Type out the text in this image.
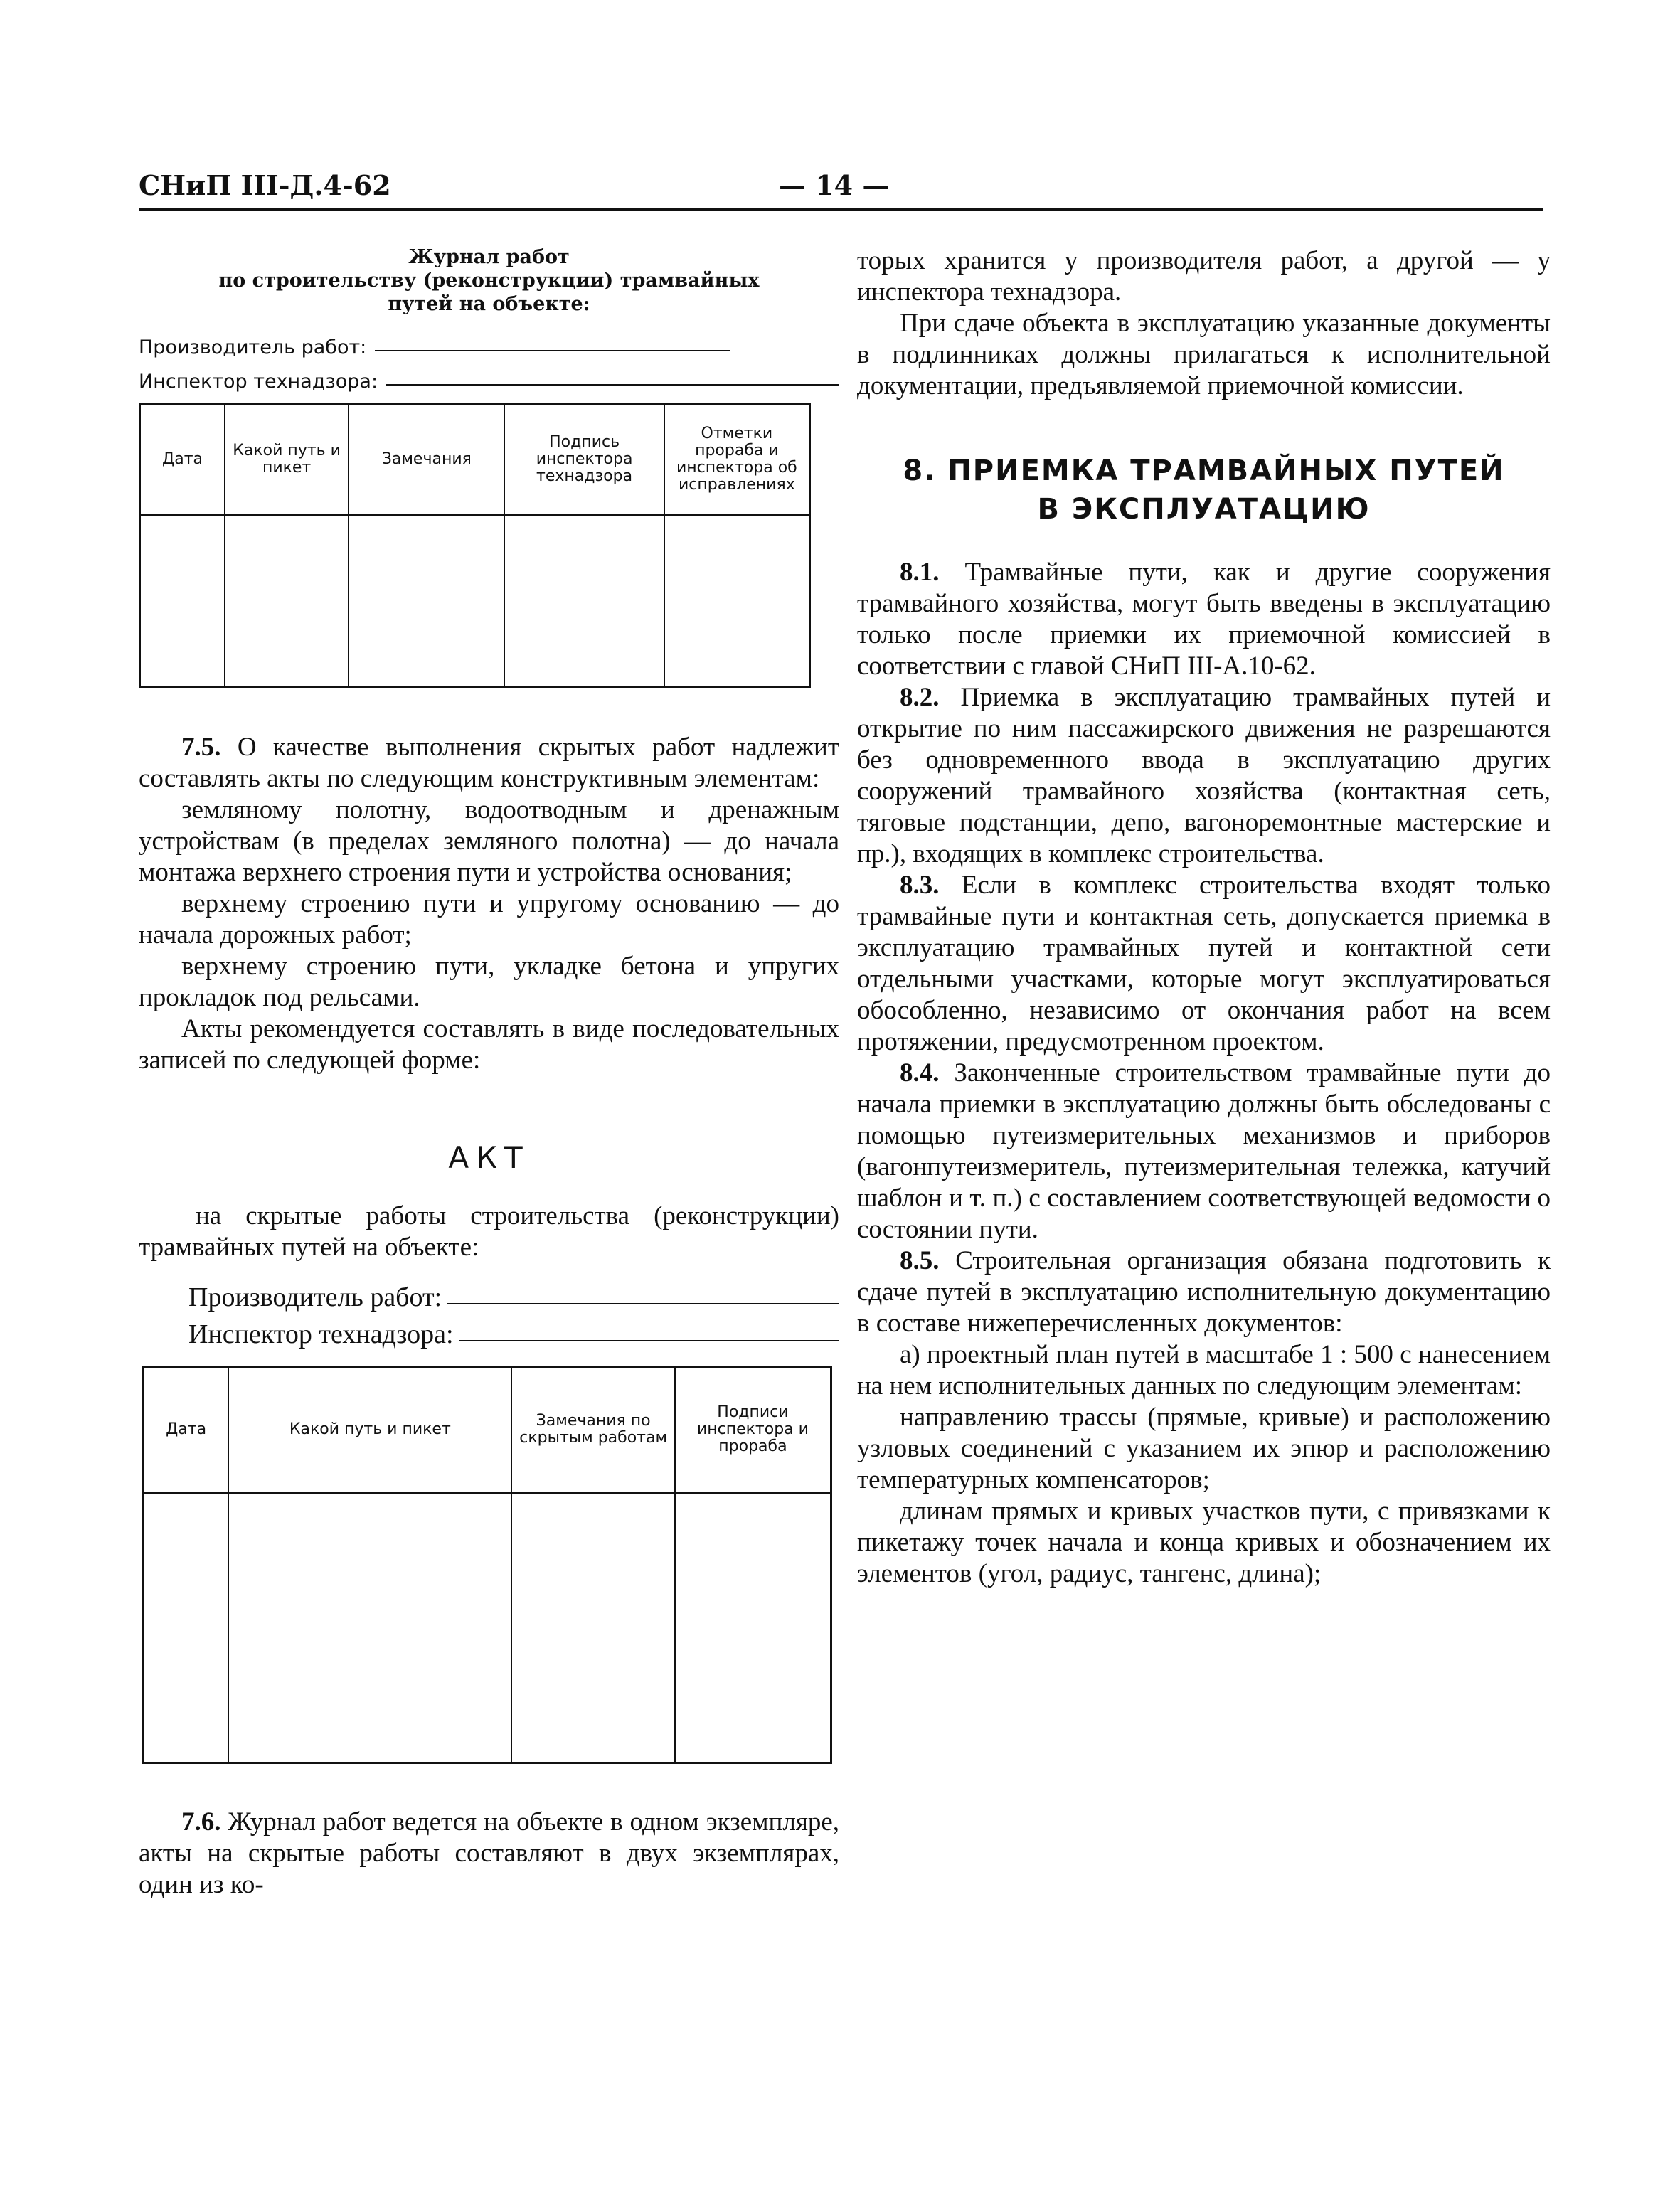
СНиП III-Д.4-62	— 14 —
Журнал работ
по строительству (реконструкции) трамвайных
путей на объекте:
Производитель работ:
Инспектор технадзора:
Дата	Какой путь и пикет	Замечания	Подпись инспектора технадзора	Отметки прораба и инспектора об исправлениях

7.5. О качестве выполнения скрытых работ надлежит составлять акты по следующим конструктивным элементам:

земляному полотну, водоотводным и дренажным устройствам (в пределах земляного полотна) — до начала монтажа верхнего строения пути и устройства основания;

верхнему строению пути и упругому основанию — до начала дорожных работ;

верхнему строению пути, укладке бетона и упругих прокладок под рельсами.

Акты рекомендуется составлять в виде последовательных записей по следующей форме:

АКТ

на скрытые работы строительства (реконструкции) трамвайных путей на объекте:

Производитель работ:
Инспектор технадзора:
Дата	Какой путь и пикет	Замечания по скрытым работам	Подписи инспектора и прораба

7.6. Журнал работ ведется на объекте в одном экземпляре, акты на скрытые работы составляют в двух экземплярах, один из ко-

торых хранится у производителя работ, а другой — у инспектора технадзора.

При сдаче объекта в эксплуатацию указанные документы в подлинниках должны прилагаться к исполнительной документации, предъявляемой приемочной комиссии.

8. ПРИЕМКА ТРАМВАЙНЫХ ПУТЕЙ
В ЭКСПЛУАТАЦИЮ

8.1. Трамвайные пути, как и другие сооружения трамвайного хозяйства, могут быть введены в эксплуатацию только после приемки их приемочной комиссией в соответствии с главой СНиП III-А.10-62.

8.2. Приемка в эксплуатацию трамвайных путей и открытие по ним пассажирского движения не разрешаются без одновременного ввода в эксплуатацию других сооружений трамвайного хозяйства (контактная сеть, тяговые подстанции, депо, вагоноремонтные мастерские и пр.), входящих в комплекс строительства.

8.3. Если в комплекс строительства входят только трамвайные пути и контактная сеть, допускается приемка в эксплуатацию трамвайных путей и контактной сети отдельными участками, которые могут эксплуатироваться обособленно, независимо от окончания работ на всем протяжении, предусмотренном проектом.

8.4. Законченные строительством трамвайные пути до начала приемки в эксплуатацию должны быть обследованы с помощью путеизмерительных механизмов и приборов (вагонпутеизмеритель, путеизмерительная тележка, катучий шаблон и т. п.) с составлением соответствующей ведомости о состоянии пути.

8.5. Строительная организация обязана подготовить к сдаче путей в эксплуатацию исполнительную документацию в составе нижеперечисленных документов:

а) проектный план путей в масштабе 1 : 500 с нанесением на нем исполнительных данных по следующим элементам:

направлению трассы (прямые, кривые) и расположению узловых соединений с указанием их эпюр и расположению температурных компенсаторов;

длинам прямых и кривых участков пути, с привязками к пикетажу точек начала и конца кривых и обозначением их элементов (угол, радиус, тангенс, длина);
